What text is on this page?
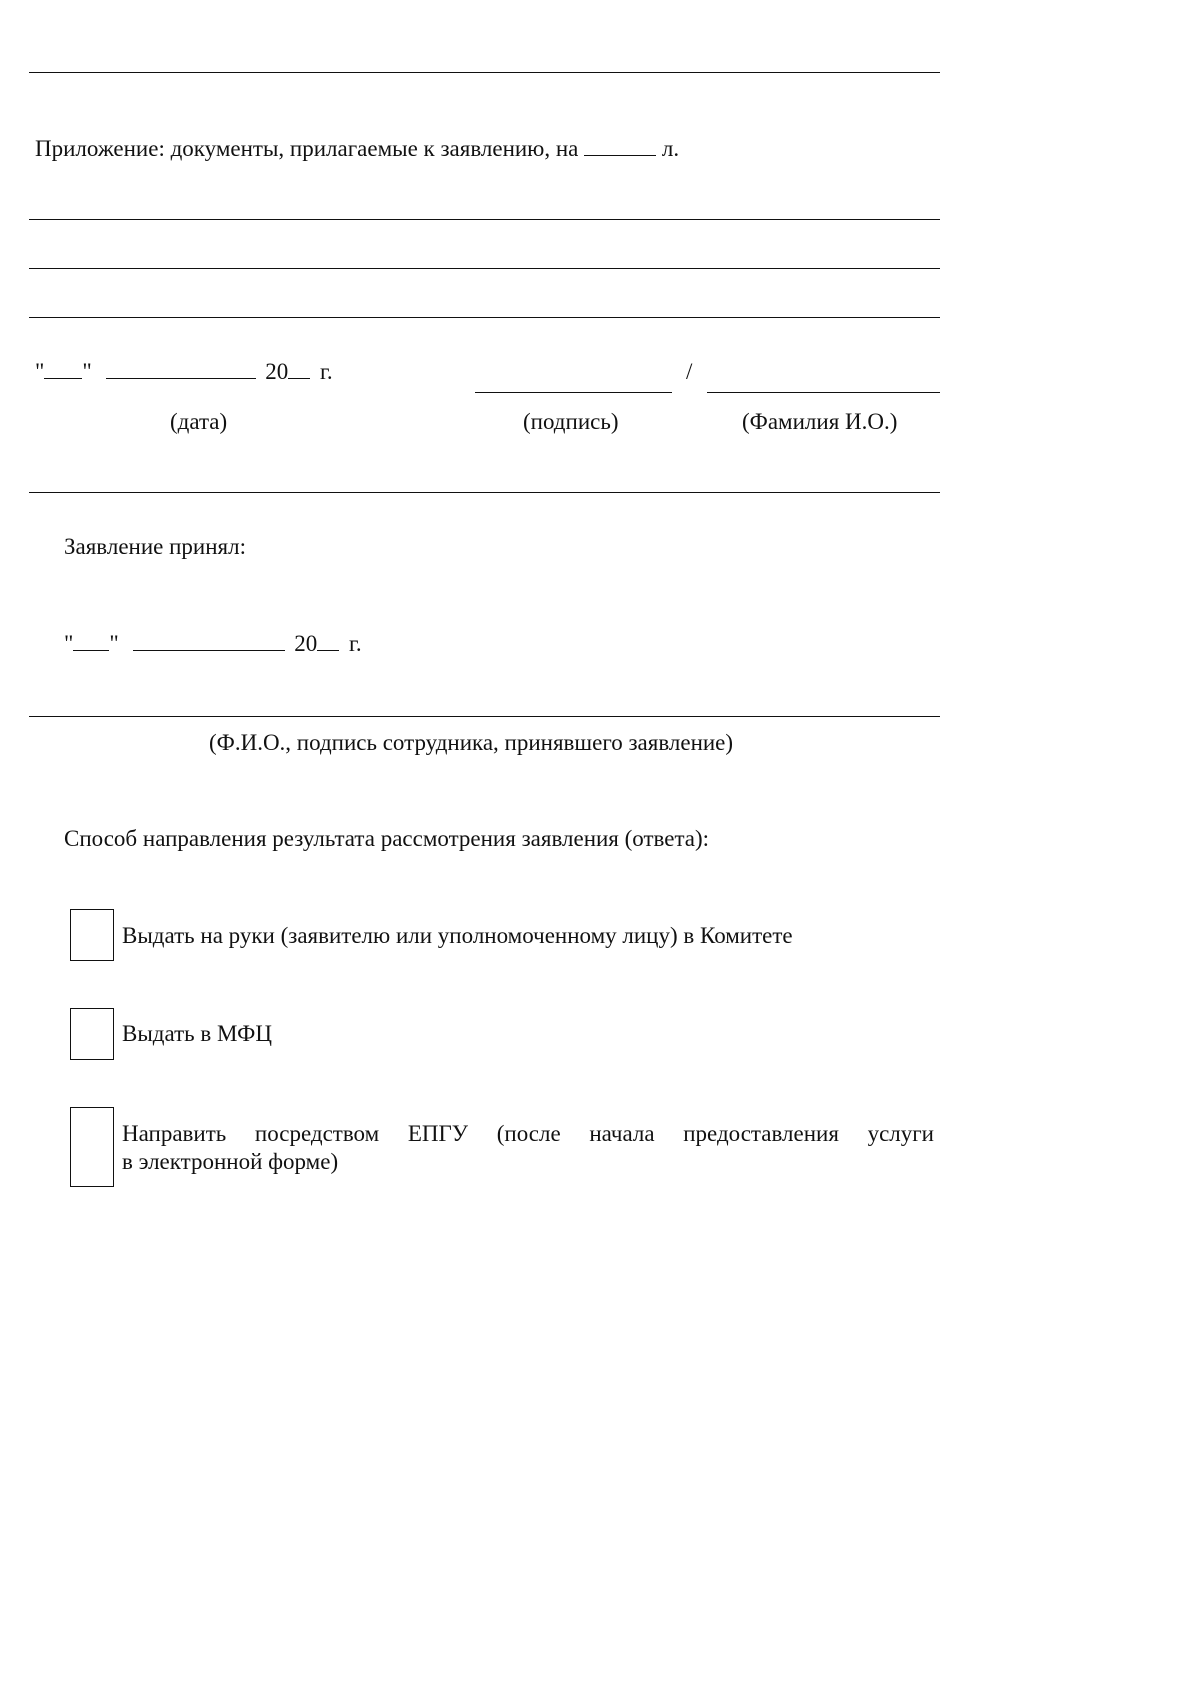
Приложение: документы, прилагаемые к заявлению, на	л.
" "	20 г.	/
(дата)	(подпись)	(Фамилия И.О.)
Заявление принял:
" "	20 г.
(Ф.И.О., подпись сотрудника, принявшего заявление)
Способ направления результата рассмотрения заявления (ответа):
Выдать на руки (заявителю или уполномоченному лицу) в Комитете
Выдать в МФЦ
Направить посредством ЕПГУ (после начала предоставления услуги
в электронной форме)
